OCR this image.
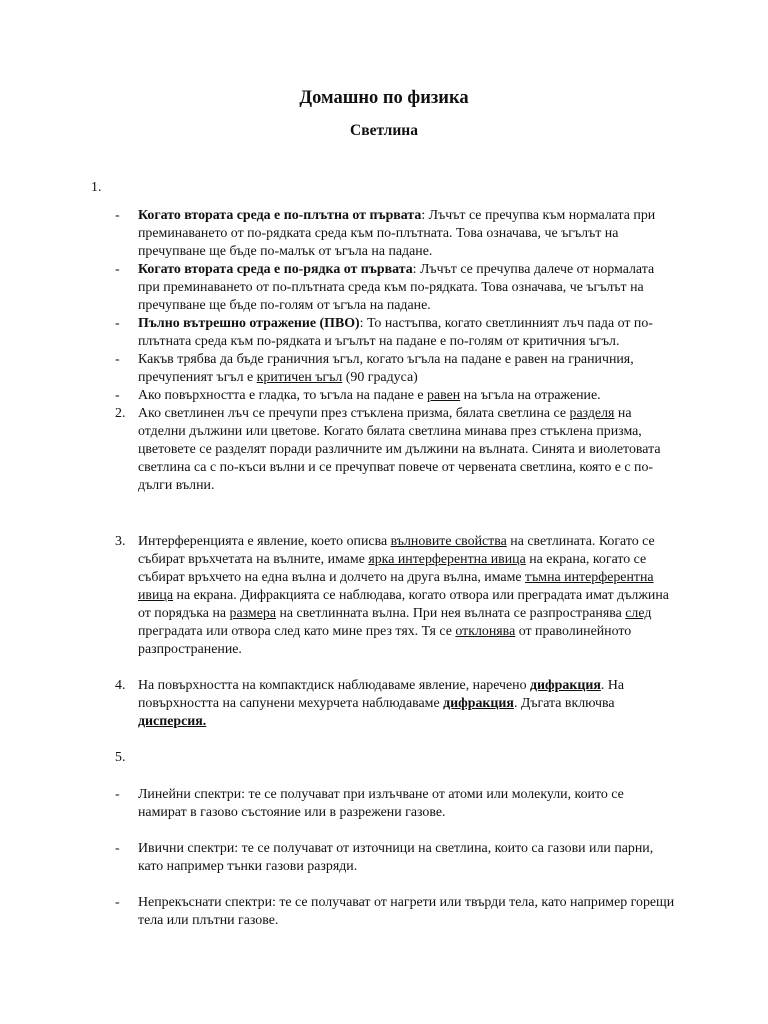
Домашно по физика
Светлина
1.
- Когато втората среда е по-плътна от първата: Лъчът се пречупва към нормалата при преминаването от по-рядката среда към по-плътната. Това означава, че ъгълът на пречупване ще бъде по-малък от ъгъла на падане.

- Когато втората среда е по-рядка от първата: Лъчът се пречупва далече от нормалата при преминаването от по-плътната среда към по-рядката. Това означава, че ъгълът на пречупване ще бъде по-голям от ъгъла на падане.

- Пълно вътрешно отражение (ПВО): То настъпва, когато светлинният лъч пада от по-плътната среда към по-рядката и ъгълът на падане е по-голям от критичния ъгъл.

- Какъв трябва да бъде граничния ъгъл, когато ъгъла на падане е равен на граничния, пречупеният ъгъл е критичен ъгъл (90 градуса)

- Ако повърхността е гладка, то ъгъла на падане е равен на ъгъла на отражение.

2. Ако светлинен лъч се пречупи през стъклена призма, бялата светлина се разделя на отделни дължини или цветове. Когато бялата светлина минава през стъклена призма, цветовете се разделят поради различните им дължини на вълната. Синята и виолетовата светлина са с по-къси вълни и се пречупват повече от червената светлина, която е с по-дълги вълни.

3. Интерференцията е явление, което описва вълновите свойства на светлината. Когато се събират връхчетата на вълните, имаме ярка интерферентна ивица на екрана, когато се събират връхчето на една вълна и долчето на друга вълна, имаме тъмна интерферентна ивица на екрана. Дифракцията се наблюдава, когато отвора или преградата имат дължина от порядъка на размера на светлинната вълна. При нея вълната се разпространява след преградата или отвора след като мине през тях. Тя се отклонява от праволинейното разпространение.

4. На повърхността на компактдиск наблюдаваме явление, наречено дифракция. На повърхността на сапунени мехурчета наблюдаваме дифракция. Дъгата включва дисперсия.

5.

- Линейни спектри: те се получават при излъчване от атоми или молекули, които се намират в газово състояние или в разрежени газове.

- Ивични спектри: те се получават от източници на светлина, които са газови или парни, като например тънки газови разряди.

- Непрекъснати спектри: те се получават от нагрети или твърди тела, като например горещи тела или плътни газове.
